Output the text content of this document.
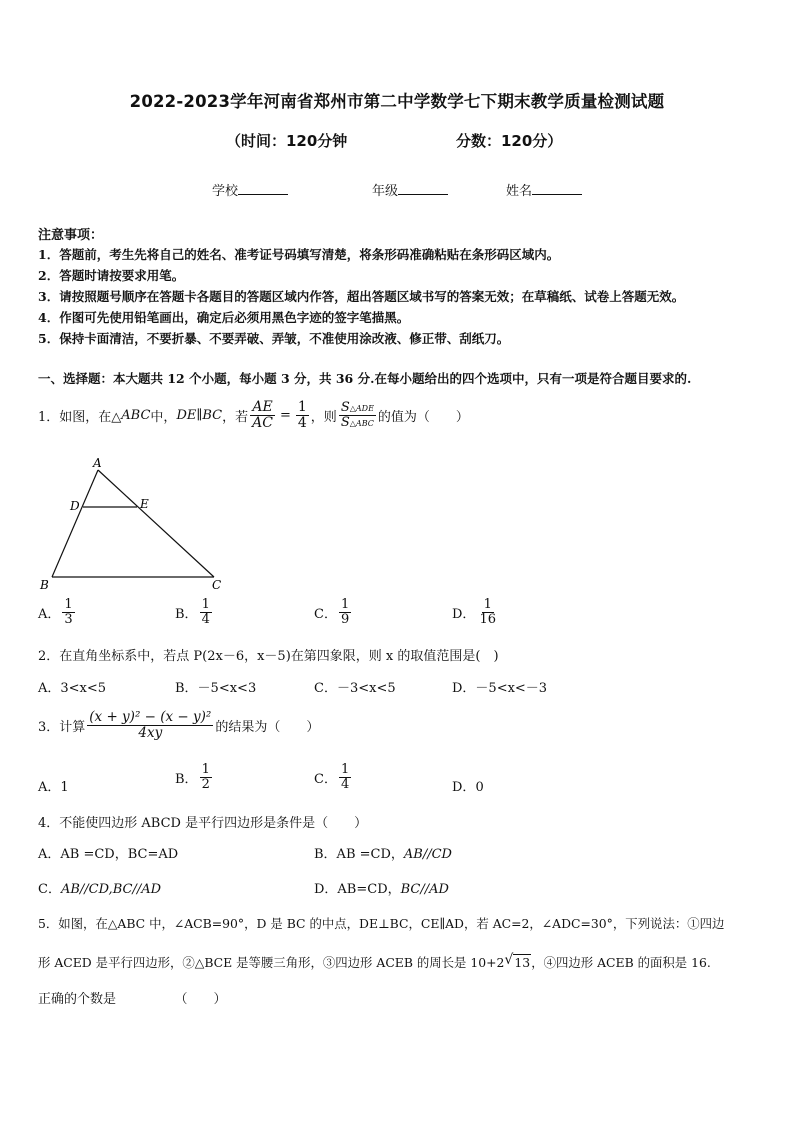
2022-2023学年河南省郑州市第二中学数学七下期末教学质量检测试题
（时间：120分钟	分数：120分）
学校	年级	姓名
注意事项：
1．答题前，考生先将自己的姓名、准考证号码填写清楚，将条形码准确粘贴在条形码区域内。
2．答题时请按要求用笔。
3．请按照题号顺序在答题卡各题目的答题区域内作答，超出答题区域书写的答案无效；在草稿纸、试卷上答题无效。
4．作图可先使用铅笔画出，确定后必须用黑色字迹的签字笔描黑。
5．保持卡面清洁，不要折暴、不要弄破、弄皱，不准使用涂改液、修正带、刮纸刀。
一、选择题：本大题共 12 个小题，每小题 3 分，共 36 分.在每小题给出的四个选项中，只有一项是符合题目要求的.
1．如图，在△ ABC 中， DE ∥ BC ，若 $\frac{AE}{AC} = \frac{1}{4}$ ，则 $\frac{\text{S△ADE}}{\text{S△ABC}}$ 的值为（　　）
A
D	E
B	C
A． $\frac{1}{3}$	B． $\frac{1}{4}$	C． $\frac{1}{9}$	D． $\frac{1}{16}$
2．在直角坐标系中，若点 P(2x－6，x－5)在第四象限，则 x 的取值范围是(　)
A．3<x<5	B．－5<x<3	C．－3<x<5	D．－5<x<－3
3．计算 $\frac{\text{(x + y)² − (x − y)²}}{4xy}$ 的结果为（　　）
A．1
B． $\frac{1}{2}$	C． $\frac{1}{4}$	D．0
4．不能使四边形 ABCD 是平行四边形是条件是（　　）
A．AB =CD，BC=AD	B．AB =CD，AB//CD
C．AB//CD,BC//AD	D．AB=CD，BC//AD
5．如图，在△ABC 中，∠ACB=90°，D 是 BC 的中点，DE⊥BC，CE∥AD，若 AC=2，∠ADC=30°，下列说法：①四边
形 ACED 是平行四边形，②△BCE 是等腰三角形，③四边形 ACEB 的周长是 10+2 √ 13，④四边形 ACEB 的面积是 16.
正确的个数是　　　　　（　　）
